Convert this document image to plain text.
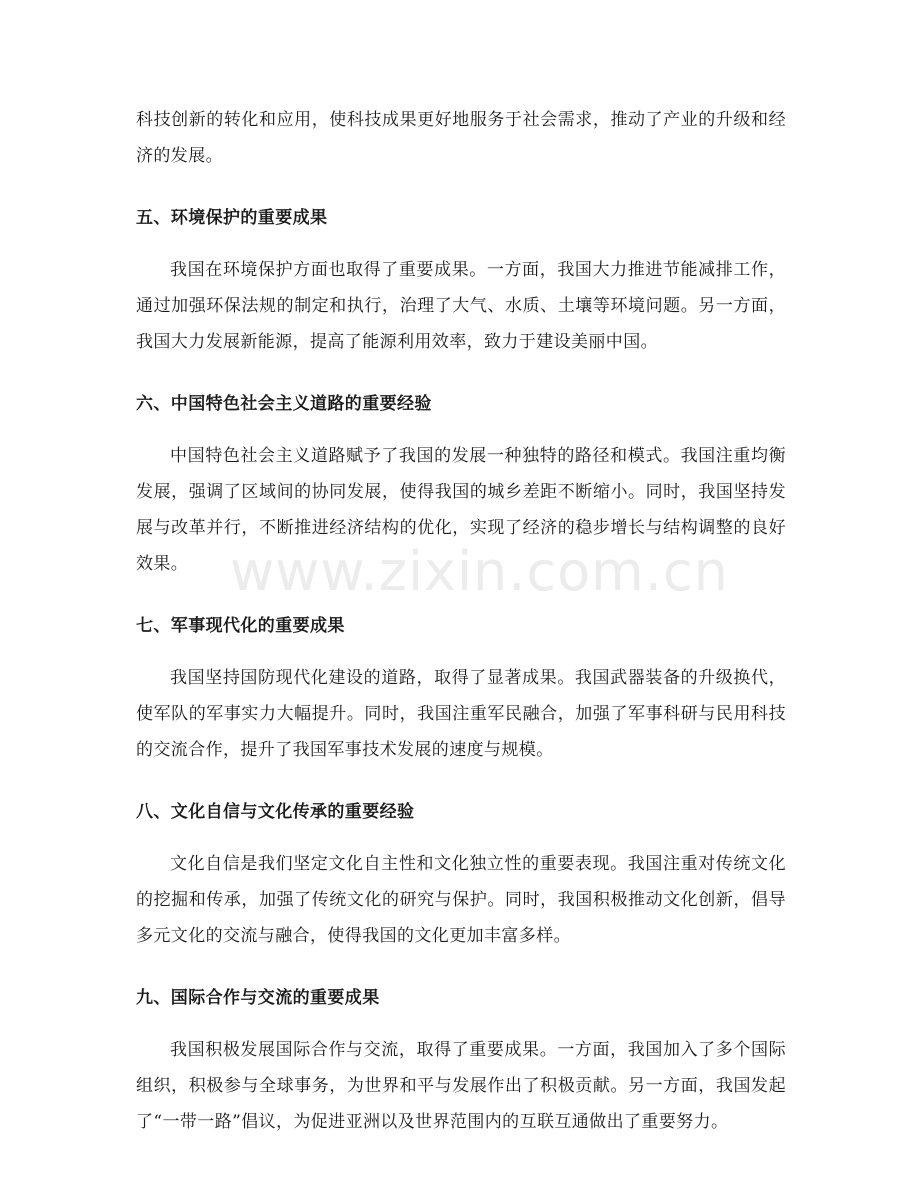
科技创新的转化和应用，使科技成果更好地服务于社会需求，推动了产业的升级和经济的发展。

五、环境保护的重要成果

我国在环境保护方面也取得了重要成果。一方面，我国大力推进节能减排工作，通过加强环保法规的制定和执行，治理了大气、水质、土壤等环境问题。另一方面，我国大力发展新能源，提高了能源利用效率，致力于建设美丽中国。

六、中国特色社会主义道路的重要经验

中国特色社会主义道路赋予了我国的发展一种独特的路径和模式。我国注重均衡发展，强调了区域间的协同发展，使得我国的城乡差距不断缩小。同时，我国坚持发展与改革并行，不断推进经济结构的优化，实现了经济的稳步增长与结构调整的良好效果。

七、军事现代化的重要成果

我国坚持国防现代化建设的道路，取得了显著成果。我国武器装备的升级换代，使军队的军事实力大幅提升。同时，我国注重军民融合，加强了军事科研与民用科技的交流合作，提升了我国军事技术发展的速度与规模。

八、文化自信与文化传承的重要经验

文化自信是我们坚定文化自主性和文化独立性的重要表现。我国注重对传统文化的挖掘和传承，加强了传统文化的研究与保护。同时，我国积极推动文化创新，倡导多元文化的交流与融合，使得我国的文化更加丰富多样。

九、国际合作与交流的重要成果

我国积极发展国际合作与交流，取得了重要成果。一方面，我国加入了多个国际组织，积极参与全球事务，为世界和平与发展作出了积极贡献。另一方面，我国发起了“一带一路”倡议，为促进亚洲以及世界范围内的互联互通做出了重要努力。

www.zixin.com.cn
